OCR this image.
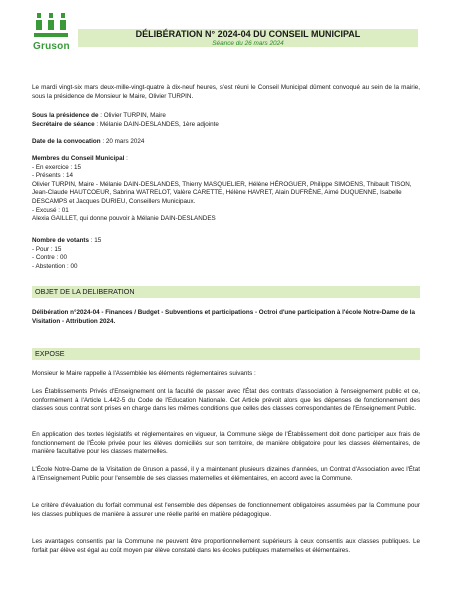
Gruson
DÉLIBÉRATION N° 2024-04 DU CONSEIL MUNICIPAL
Séance du 26 mars 2024
Le mardi vingt-six mars deux-mille-vingt-quatre à dix-neuf heures, s'est réuni le Conseil Municipal dûment convoqué au sein de la mairie, sous la présidence de Monsieur le Maire, Olivier TURPIN.

Sous la présidence de : Olivier TURPIN, Maire

Secrétaire de séance : Mélanie DAIN-DESLANDES, 1ère adjointe

Date de la convocation : 20 mars 2024

Membres du Conseil Municipal :

- En exercice : 15

- Présents : 14

Olivier TURPIN, Maire - Mélanie DAIN-DESLANDES, Thierry MASQUELIER, Hélène HÉROGUER, Philippe SIMOENS, Thibault TISON, Jean-Claude HAUTCOEUR, Sabrina WATRELOT, Valère CARETTE, Hélène HAVRET, Alain DUFRÈNE, Aimé DUQUENNE, Isabelle DESCAMPS et Jacques DURIEU, Conseillers Municipaux.

- Excusé : 01

Alexia GAILLET, qui donne pouvoir à Mélanie DAIN-DESLANDES

Nombre de votants : 15

- Pour : 15

- Contre : 00

- Abstention : 00

OBJET DE LA DELIBERATION
Délibération n°2024-04 - Finances / Budget - Subventions et participations - Octroi d'une participation à l'école Notre-Dame de la Visitation - Attribution 2024.
EXPOSE
Monsieur le Maire rappelle à l'Assemblée les éléments réglementaires suivants :
Les Établissements Privés d'Enseignement ont la faculté de passer avec l'État des contrats d'association à l'enseignement public et ce, conformément à l'Article L.442-5 du Code de l'Education Nationale. Cet Article prévoit alors que les dépenses de fonctionnement des classes sous contrat sont prises en charge dans les mêmes conditions que celles des classes correspondantes de l'Enseignement Public.
En application des textes législatifs et réglementaires en vigueur, la Commune siège de l'Établissement doit donc participer aux frais de fonctionnement de l'École privée pour les élèves domiciliés sur son territoire, de manière obligatoire pour les classes élémentaires, de manière facultative pour les classes maternelles.
L'École Notre-Dame de la Visitation de Gruson a passé, il y a maintenant plusieurs dizaines d'années, un Contrat d'Association avec l'État à l'Enseignement Public pour l'ensemble de ses classes maternelles et élémentaires, en accord avec la Commune.
Le critère d'évaluation du forfait communal est l'ensemble des dépenses de fonctionnement obligatoires assumées par la Commune pour les classes publiques de manière à assurer une réelle parité en matière pédagogique.
Les avantages consentis par la Commune ne peuvent être proportionnellement supérieurs à ceux consentis aux classes publiques. Le forfait par élève est égal au coût moyen par élève constaté dans les écoles publiques maternelles et élémentaires.
